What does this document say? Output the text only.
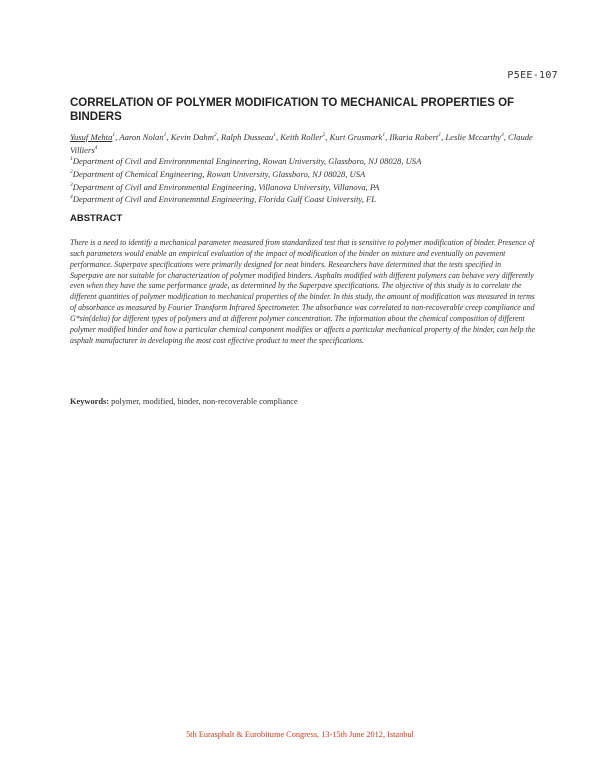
P5EE-107
CORRELATION OF POLYMER MODIFICATION TO MECHANICAL PROPERTIES OF BINDERS
Yusuf Mehta$^1$, Aaron Nolan$^1$, Kevin Dahm$^2$, Ralph Dusseau$^1$, Keith Roller$^2$, Kurt Grusmark$^1$, Ilkaria Robert$^1$, Leslie Mccarthy$^3$, Claude Villiers$^4$
$^1$Department of Civil and Environnmental Engineering, Rowan University, Glassboro, NJ 08028, USA
$^2$Department of Chemical Engineering, Rowan University, Glassboro, NJ 08028, USA
$^3$Department of Civil and Environmental Engineering, Villanova University, Villanova, PA
$^4$Department of Civil and Environemntal Engineering, Florida Gulf Coast University, FL
ABSTRACT

There is a need to identify a mechanical parameter measured from standardized test that is sensitive to polymer modification of binder. Presence of such parameters would enable an empirical evaluation of the impact of modification of the binder on mixture and eventually on pavement performance. Superpave specifications were primarily designed for neat binders. Researchers have determined that the tests specified in Superpave are not suitable for characterization of polymer modified binders. Asphalts modified with different polymers can behave very differently even when they have the same performance grade, as determined by the Superpave specifications. The objective of this study is to correlate the different quantities of polymer modification to mechanical properties of the binder. In this study, the amount of modification was measured in terms of absorbance as measured by Fourier Transform Infrared Spectrometer. The absorbance was correlated to non-recoverable creep compliance and G*sin(delta) for different types of polymers and at different polymer concentration. The information about the chemical composition of different polymer modified binder and how a particular chemical component modifies or affects a particular mechanical property of the binder, can help the asphalt manufacturer in developing the most cost effective product to meet the specifications.

Keywords: polymer, modified, binder, non-recoverable compliance
5th Eurasphalt & Eurobitume Congress, 13-15th June 2012, Istanbul
